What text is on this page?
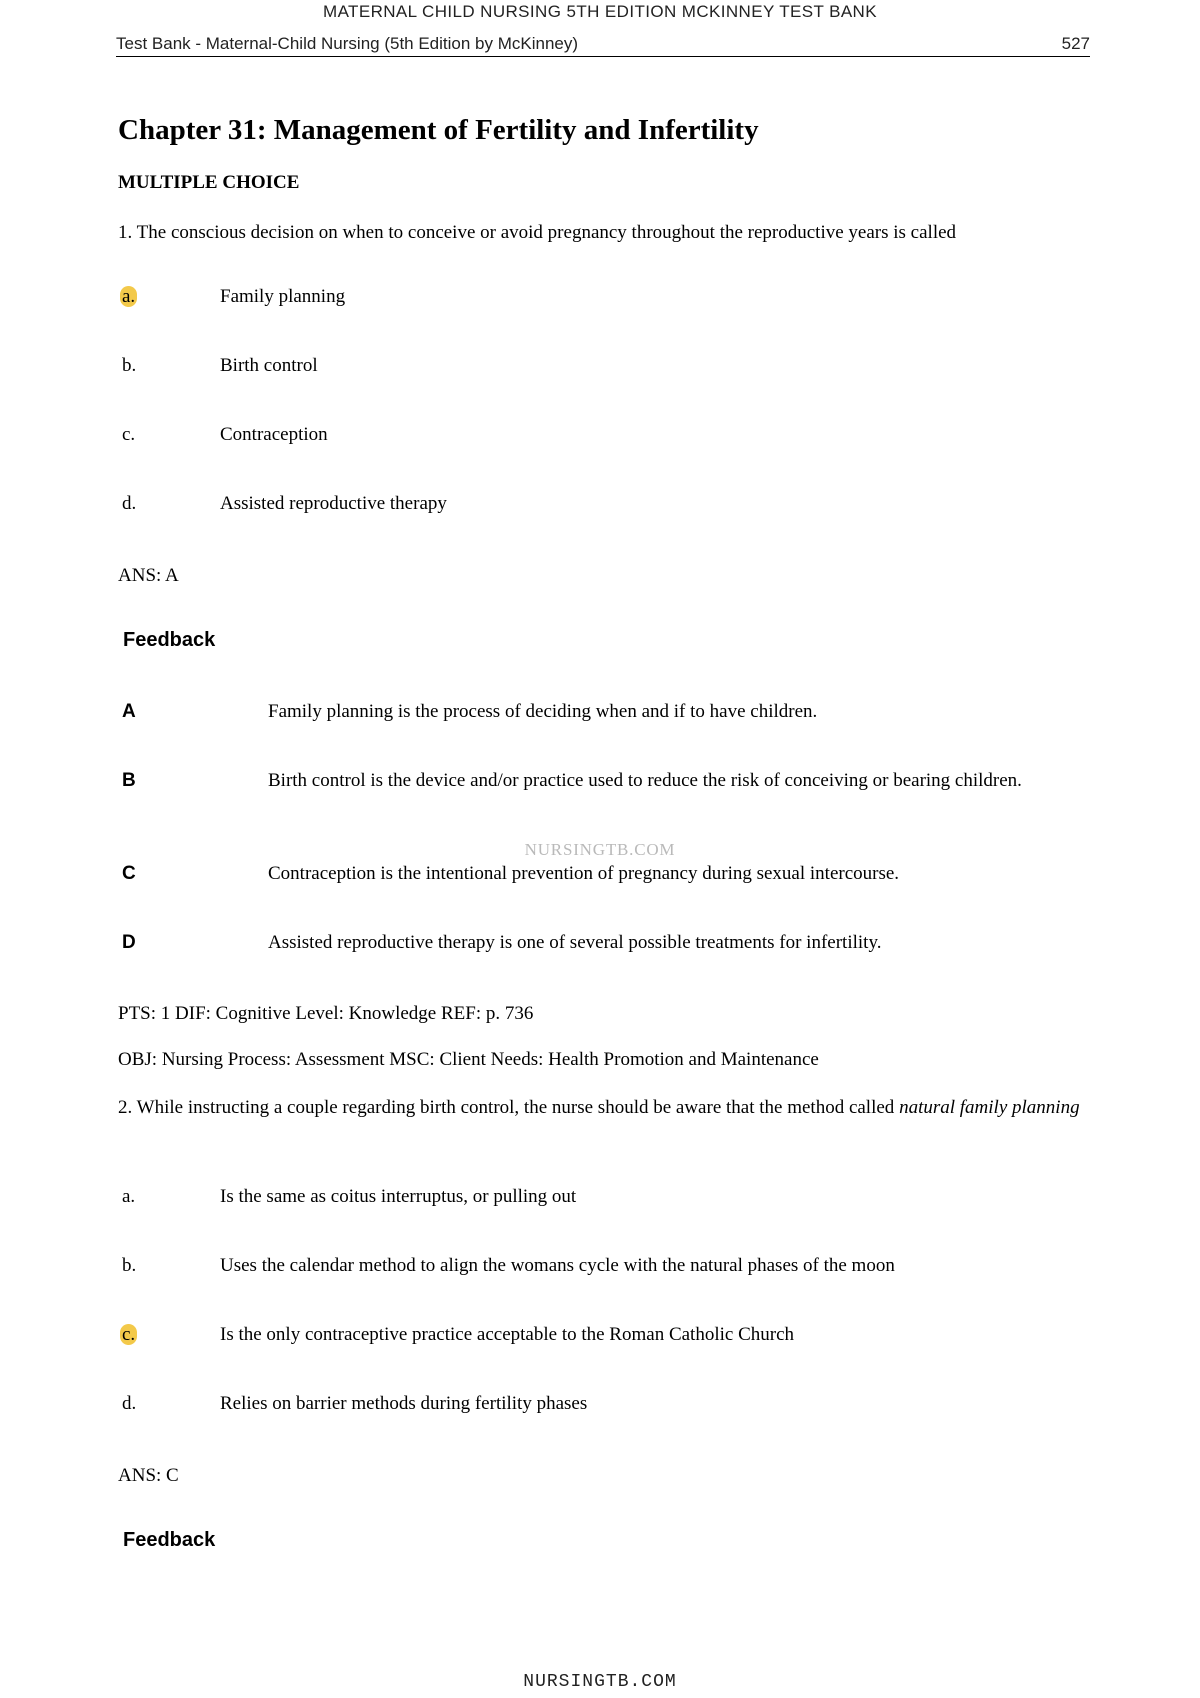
MATERNAL CHILD NURSING 5TH EDITION MCKINNEY TEST BANK
Test Bank - Maternal-Child Nursing (5th Edition by McKinney)	527
Chapter 31: Management of Fertility and Infertility
MULTIPLE CHOICE
1. The conscious decision on when to conceive or avoid pregnancy throughout the reproductive years is called
a.	Family planning
b.	Birth control
c.	Contraception
d.	Assisted reproductive therapy
ANS: A
Feedback
A	Family planning is the process of deciding when and if to have children.
B	Birth control is the device and/or practice used to reduce the risk of conceiving or bearing children.
NURSINGTB.COM
C	Contraception is the intentional prevention of pregnancy during sexual intercourse.
D	Assisted reproductive therapy is one of several possible treatments for infertility.
PTS: 1 DIF: Cognitive Level: Knowledge REF: p. 736
OBJ: Nursing Process: Assessment MSC: Client Needs: Health Promotion and Maintenance
2. While instructing a couple regarding birth control, the nurse should be aware that the method called natural family planning
a.	Is the same as coitus interruptus, or pulling out
b.	Uses the calendar method to align the womans cycle with the natural phases of the moon
c.	Is the only contraceptive practice acceptable to the Roman Catholic Church
d.	Relies on barrier methods during fertility phases
ANS: C
Feedback
NURSINGTB.COM
